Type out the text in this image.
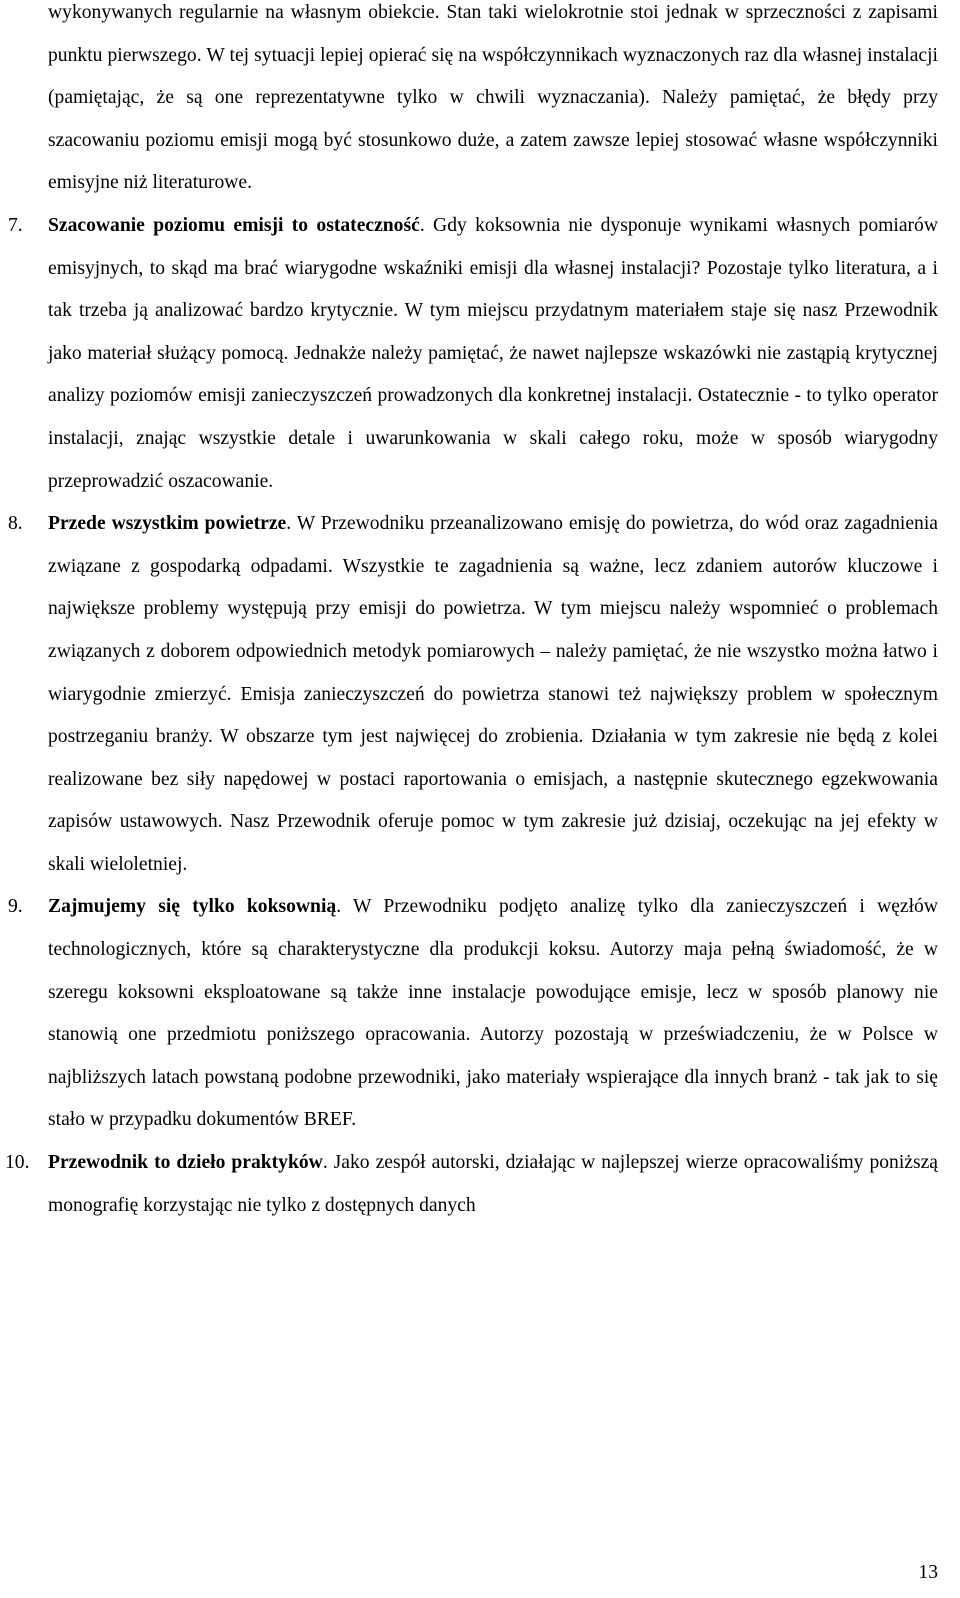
wykonywanych regularnie na własnym obiekcie. Stan taki wielokrotnie stoi jednak w sprzeczności z zapisami punktu pierwszego. W tej sytuacji lepiej opierać się na współczynnikach wyznaczonych raz dla własnej instalacji (pamiętając, że są one reprezentatywne tylko w chwili wyznaczania). Należy pamiętać, że błędy przy szacowaniu poziomu emisji mogą być stosunkowo duże, a zatem zawsze lepiej stosować własne współczynniki emisyjne niż literaturowe.

7.	Szacowanie poziomu emisji to ostateczność. Gdy koksownia nie dysponuje wynikami własnych pomiarów emisyjnych, to skąd ma brać wiarygodne wskaźniki emisji dla własnej instalacji? Pozostaje tylko literatura, a i tak trzeba ją analizować bardzo krytycznie. W tym miejscu przydatnym materiałem staje się nasz Przewodnik jako materiał służący pomocą. Jednakże należy pamiętać, że nawet najlepsze wskazówki nie zastąpią krytycznej analizy poziomów emisji zanieczyszczeń prowadzonych dla konkretnej instalacji. Ostatecznie - to tylko operator instalacji, znając wszystkie detale i uwarunkowania w skali całego roku, może w sposób wiarygodny przeprowadzić oszacowanie.

8.	Przede wszystkim powietrze. W Przewodniku przeanalizowano emisję do powietrza, do wód oraz zagadnienia związane z gospodarką odpadami. Wszystkie te zagadnienia są ważne, lecz zdaniem autorów kluczowe i największe problemy występują przy emisji do powietrza. W tym miejscu należy wspomnieć o problemach związanych z doborem odpowiednich metodyk pomiarowych – należy pamiętać, że nie wszystko można łatwo i wiarygodnie zmierzyć. Emisja zanieczyszczeń do powietrza stanowi też największy problem w społecznym postrzeganiu branży. W obszarze tym jest najwięcej do zrobienia. Działania w tym zakresie nie będą z kolei realizowane bez siły napędowej w postaci raportowania o emisjach, a następnie skutecznego egzekwowania zapisów ustawowych. Nasz Przewodnik oferuje pomoc w tym zakresie już dzisiaj, oczekując na jej efekty w skali wieloletniej.

9.	Zajmujemy się tylko koksownią. W Przewodniku podjęto analizę tylko dla zanieczyszczeń i węzłów technologicznych, które są charakterystyczne dla produkcji koksu. Autorzy maja pełną świadomość, że w szeregu koksowni eksploatowane są także inne instalacje powodujące emisje, lecz w sposób planowy nie stanowią one przedmiotu poniższego opracowania. Autorzy pozostają w przeświadczeniu, że w Polsce w najbliższych latach powstaną podobne przewodniki, jako materiały wspierające dla innych branż - tak jak to się stało w przypadku dokumentów BREF.

10. Przewodnik to dzieło praktyków. Jako zespół autorski, działając w najlepszej wierze opracowaliśmy poniższą monografię korzystając nie tylko z dostępnych danych

13
